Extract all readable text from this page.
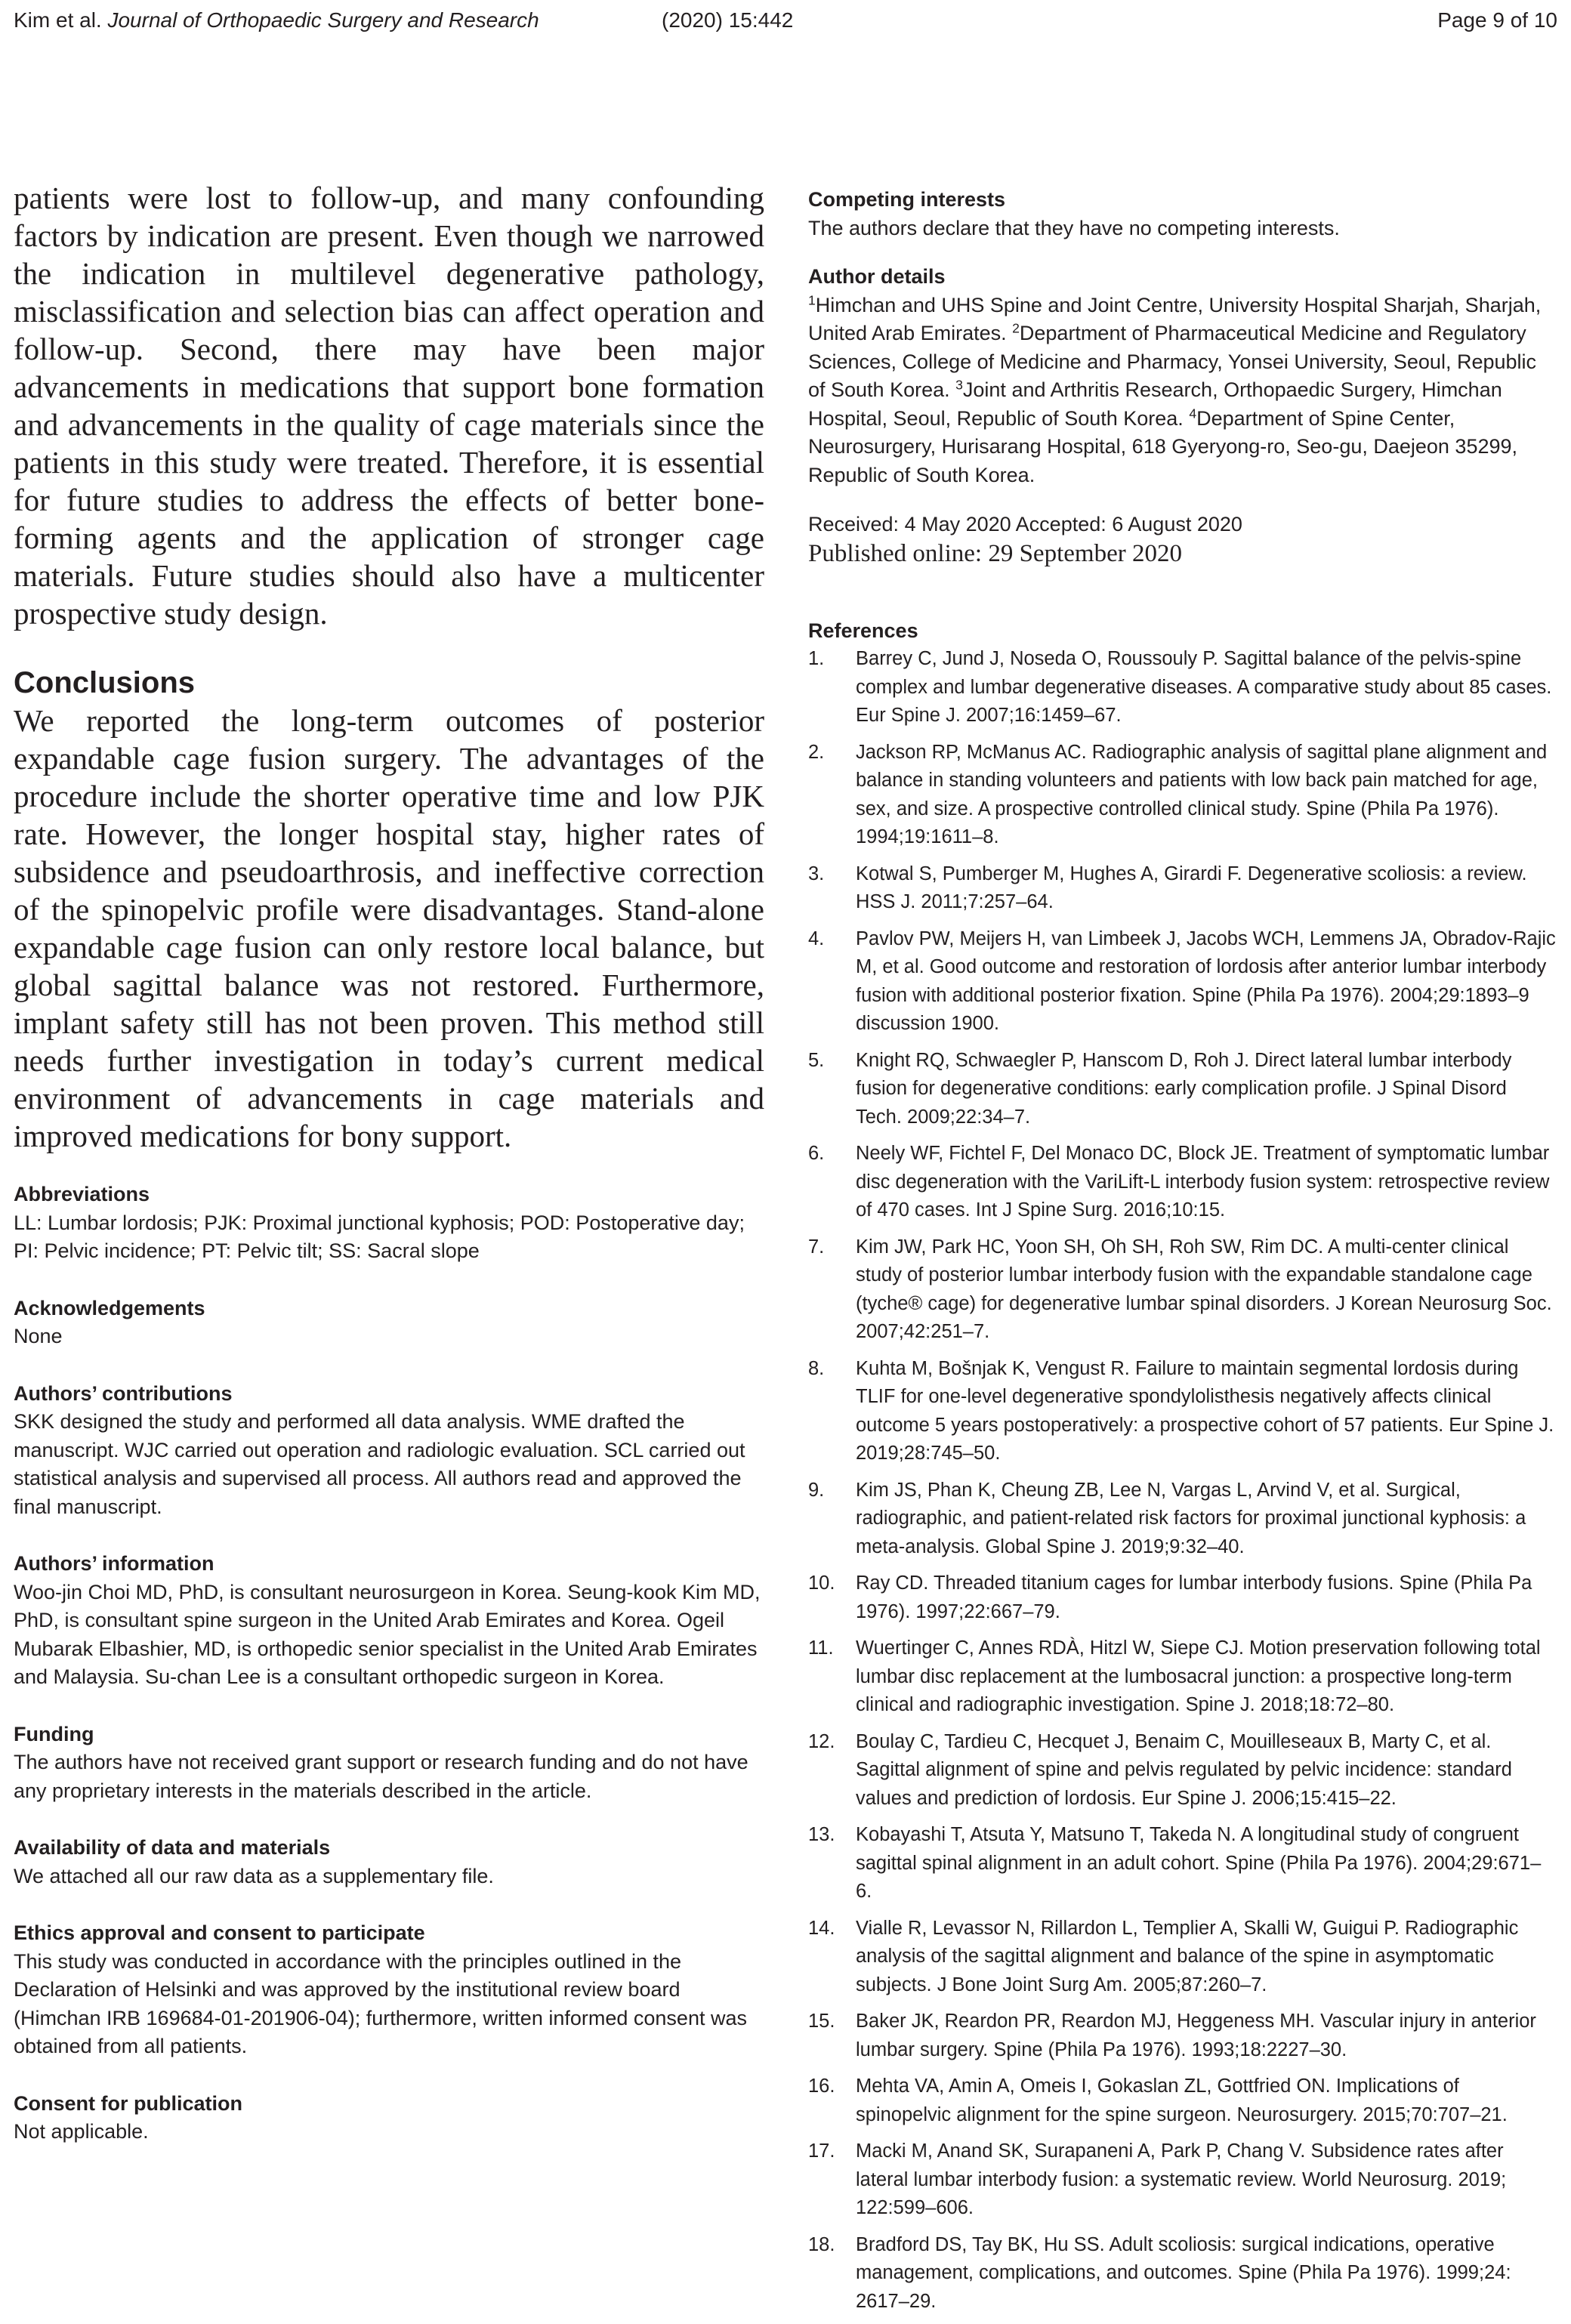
Kim et al. Journal of Orthopaedic Surgery and Research	(2020) 15:442	Page 9 of 10

patients were lost to follow-up, and many confounding factors by indication are present. Even though we narrowed the indication in multilevel degenerative pathology, misclassification and selection bias can affect operation and follow-up. Second, there may have been major advancements in medications that support bone formation and advancements in the quality of cage materials since the patients in this study were treated. Therefore, it is essential for future studies to address the effects of better bone-forming agents and the application of stronger cage materials. Future studies should also have a multicenter prospective study design.

Conclusions

We reported the long-term outcomes of posterior expandable cage fusion surgery. The advantages of the procedure include the shorter operative time and low PJK rate. However, the longer hospital stay, higher rates of subsidence and pseudoarthrosis, and ineffective correction of the spinopelvic profile were disadvantages. Stand-alone expandable cage fusion can only restore local balance, but global sagittal balance was not restored. Furthermore, implant safety still has not been proven. This method still needs further investigation in today’s current medical environment of advancements in cage materials and improved medications for bony support.

Abbreviations
LL: Lumbar lordosis; PJK: Proximal junctional kyphosis; POD: Postoperative day; PI: Pelvic incidence; PT: Pelvic tilt; SS: Sacral slope
Acknowledgements
None
Authors’ contributions
SKK designed the study and performed all data analysis. WME drafted the manuscript. WJC carried out operation and radiologic evaluation. SCL carried out statistical analysis and supervised all process. All authors read and approved the final manuscript.
Authors’ information
Woo-jin Choi MD, PhD, is consultant neurosurgeon in Korea. Seung-kook Kim MD, PhD, is consultant spine surgeon in the United Arab Emirates and Korea. Ogeil Mubarak Elbashier, MD, is orthopedic senior specialist in the United Arab Emirates and Malaysia. Su-chan Lee is a consultant orthopedic surgeon in Korea.
Funding
The authors have not received grant support or research funding and do not have any proprietary interests in the materials described in the article.
Availability of data and materials
We attached all our raw data as a supplementary file.
Ethics approval and consent to participate
This study was conducted in accordance with the principles outlined in the Declaration of Helsinki and was approved by the institutional review board (Himchan IRB 169684-01-201906-04); furthermore, written informed consent was obtained from all patients.
Consent for publication
Not applicable.
Competing interests
The authors declare that they have no competing interests.
Author details
$^1$Himchan and UHS Spine and Joint Centre, University Hospital Sharjah, Sharjah, United Arab Emirates. $^2$Department of Pharmaceutical Medicine and Regulatory Sciences, College of Medicine and Pharmacy, Yonsei University, Seoul, Republic of South Korea. $^3$Joint and Arthritis Research, Orthopaedic Surgery, Himchan Hospital, Seoul, Republic of South Korea. $^4$Department of Spine Center, Neurosurgery, Hurisarang Hospital, 618 Gyeryong-ro, Seo-gu, Daejeon 35299, Republic of South Korea.
Received: 4 May 2020 Accepted: 6 August 2020
Published online: 29 September 2020
References
1. Barrey C, Jund J, Noseda O, Roussouly P. Sagittal balance of the pelvis-spine complex and lumbar degenerative diseases. A comparative study about 85 cases. Eur Spine J. 2007;16:1459–67.
2. Jackson RP, McManus AC. Radiographic analysis of sagittal plane alignment and balance in standing volunteers and patients with low back pain matched for age, sex, and size. A prospective controlled clinical study. Spine (Phila Pa 1976). 1994;19:1611–8.
3. Kotwal S, Pumberger M, Hughes A, Girardi F. Degenerative scoliosis: a review. HSS J. 2011;7:257–64.
4. Pavlov PW, Meijers H, van Limbeek J, Jacobs WCH, Lemmens JA, Obradov-Rajic M, et al. Good outcome and restoration of lordosis after anterior lumbar interbody fusion with additional posterior fixation. Spine (Phila Pa 1976). 2004;29:1893–9 discussion 1900.
5. Knight RQ, Schwaegler P, Hanscom D, Roh J. Direct lateral lumbar interbody fusion for degenerative conditions: early complication profile. J Spinal Disord Tech. 2009;22:34–7.
6. Neely WF, Fichtel F, Del Monaco DC, Block JE. Treatment of symptomatic lumbar disc degeneration with the VariLift-L interbody fusion system: retrospective review of 470 cases. Int J Spine Surg. 2016;10:15.
7. Kim JW, Park HC, Yoon SH, Oh SH, Roh SW, Rim DC. A multi-center clinical study of posterior lumbar interbody fusion with the expandable standalone cage (tyche® cage) for degenerative lumbar spinal disorders. J Korean Neurosurg Soc. 2007;42:251–7.
8. Kuhta M, Bošnjak K, Vengust R. Failure to maintain segmental lordosis during TLIF for one-level degenerative spondylolisthesis negatively affects clinical outcome 5 years postoperatively: a prospective cohort of 57 patients. Eur Spine J. 2019;28:745–50.
9. Kim JS, Phan K, Cheung ZB, Lee N, Vargas L, Arvind V, et al. Surgical, radiographic, and patient-related risk factors for proximal junctional kyphosis: a meta-analysis. Global Spine J. 2019;9:32–40.
10. Ray CD. Threaded titanium cages for lumbar interbody fusions. Spine (Phila Pa 1976). 1997;22:667–79.
11. Wuertinger C, Annes RDÀ, Hitzl W, Siepe CJ. Motion preservation following total lumbar disc replacement at the lumbosacral junction: a prospective long-term clinical and radiographic investigation. Spine J. 2018;18:72–80.
12. Boulay C, Tardieu C, Hecquet J, Benaim C, Mouilleseaux B, Marty C, et al. Sagittal alignment of spine and pelvis regulated by pelvic incidence: standard values and prediction of lordosis. Eur Spine J. 2006;15:415–22.
13. Kobayashi T, Atsuta Y, Matsuno T, Takeda N. A longitudinal study of congruent sagittal spinal alignment in an adult cohort. Spine (Phila Pa 1976). 2004;29:671–6.
14. Vialle R, Levassor N, Rillardon L, Templier A, Skalli W, Guigui P. Radiographic analysis of the sagittal alignment and balance of the spine in asymptomatic subjects. J Bone Joint Surg Am. 2005;87:260–7.
15. Baker JK, Reardon PR, Reardon MJ, Heggeness MH. Vascular injury in anterior lumbar surgery. Spine (Phila Pa 1976). 1993;18:2227–30.
16. Mehta VA, Amin A, Omeis I, Gokaslan ZL, Gottfried ON. Implications of spinopelvic alignment for the spine surgeon. Neurosurgery. 2015;70:707–21.
17. Macki M, Anand SK, Surapaneni A, Park P, Chang V. Subsidence rates after lateral lumbar interbody fusion: a systematic review. World Neurosurg. 2019; 122:599–606.
18. Bradford DS, Tay BK, Hu SS. Adult scoliosis: surgical indications, operative management, complications, and outcomes. Spine (Phila Pa 1976). 1999;24: 2617–29.
